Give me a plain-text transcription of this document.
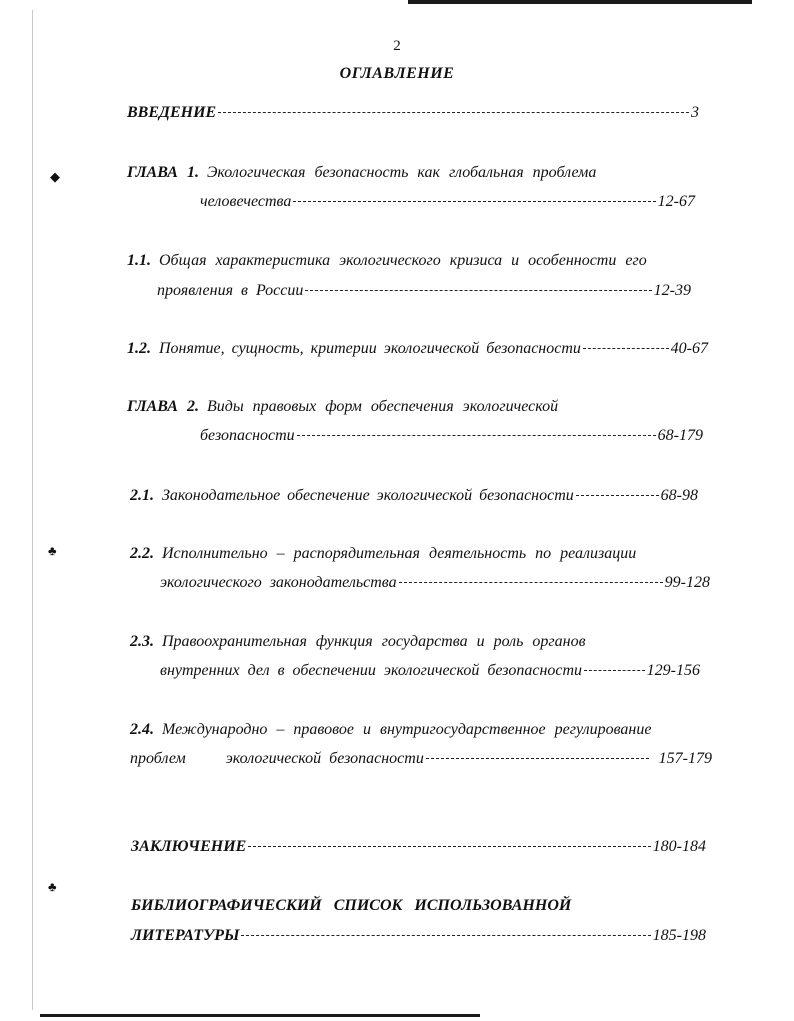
◆
♣
♣
2
ОГЛАВЛЕНИЕ
ВВЕДЕНИЕ	3
ГЛАВА 1. Экологическая безопасность как глобальная проблема
человечества	12-67
1.1. Общая характеристика экологического кризиса и особенности его
проявления в России	12-39
1.2. Понятие, сущность, критерии экологической безопасности	40-67
ГЛАВА 2. Виды правовых форм обеспечения экологической
безопасности	68-179
2.1. Законодательное обеспечение экологической безопасности	68-98
2.2. Исполнительно – распорядительная деятельность по реализации
экологического законодательства	99-128
2.3. Правоохранительная функция государства и роль органов
внутренних дел в обеспечении экологической безопасности	129-156
2.4. Международно – правовое и внутригосударственное регулирование
проблем     экологической безопасности	157-179
ЗАКЛЮЧЕНИЕ	180-184
БИБЛИОГРАФИЧЕСКИЙ СПИСОК ИСПОЛЬЗОВАННОЙ
ЛИТЕРАТУРЫ	185-198
